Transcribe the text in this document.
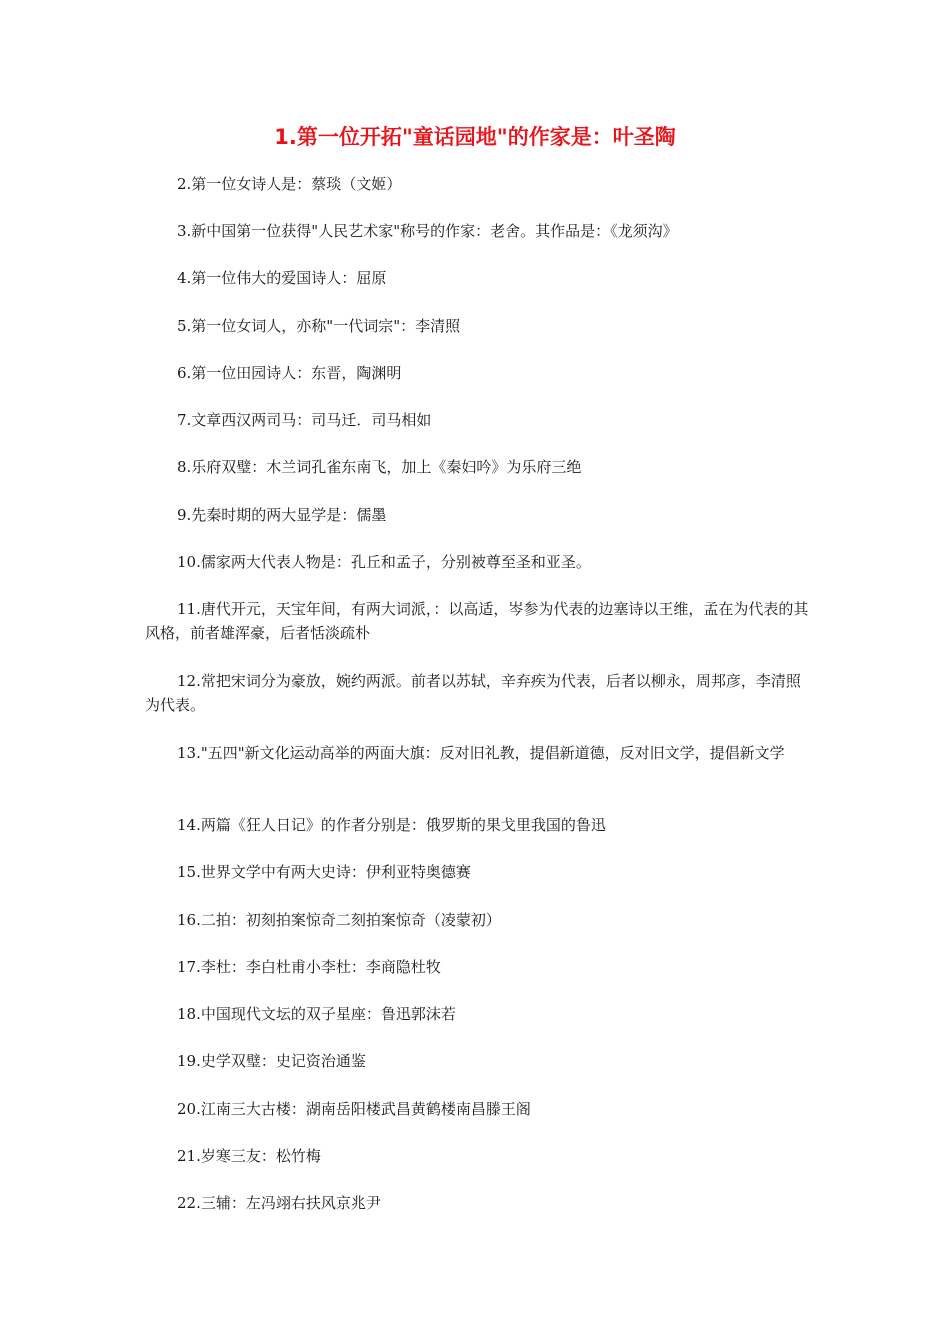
1.第一位开拓"童话园地"的作家是：叶圣陶

2.第一位女诗人是：蔡琰（文姬）

3.新中国第一位获得"人民艺术家"称号的作家：老舍。其作品是：《龙须沟》

4.第一位伟大的爱国诗人：屈原

5.第一位女词人，亦称"一代词宗"：李清照

6.第一位田园诗人：东晋，陶渊明

7.文章西汉两司马：司马迁．司马相如

8.乐府双璧：木兰词孔雀东南飞，加上《秦妇吟》为乐府三绝

9.先秦时期的两大显学是：儒墨

10.儒家两大代表人物是：孔丘和孟子，分别被尊至圣和亚圣。

11.唐代开元，天宝年间，有两大词派，：以高适，岑参为代表的边塞诗以王维，孟在为代表的其风格，前者雄浑豪，后者恬淡疏朴

12.常把宋词分为豪放，婉约两派。前者以苏轼，辛弃疾为代表，后者以柳永，周邦彦，李清照为代表。

13."五四"新文化运动高举的两面大旗：反对旧礼教，提倡新道德，反对旧文学，提倡新文学

14.两篇《狂人日记》的作者分别是：俄罗斯的果戈里我国的鲁迅

15.世界文学中有两大史诗：伊利亚特奥德赛

16.二拍：初刻拍案惊奇二刻拍案惊奇（凌蒙初）

17.李杜：李白杜甫小李杜：李商隐杜牧

18.中国现代文坛的双子星座：鲁迅郭沫若

19.史学双璧：史记资治通鉴

20.江南三大古楼：湖南岳阳楼武昌黄鹤楼南昌滕王阁

21.岁寒三友：松竹梅

22.三辅：左冯翊右扶风京兆尹
